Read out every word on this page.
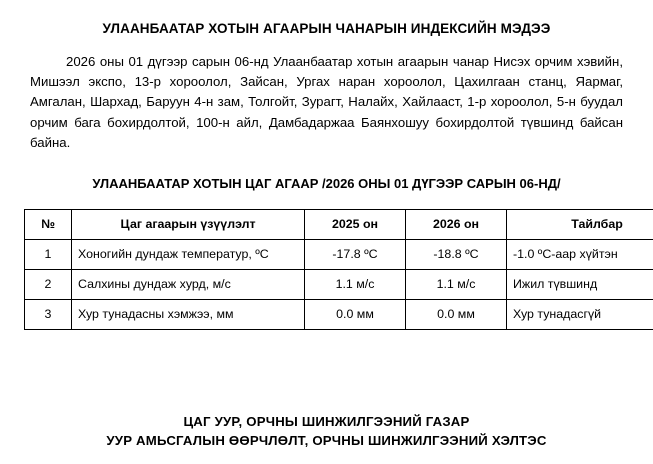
УЛААНБААТАР ХОТЫН АГААРЫН ЧАНАРЫН ИНДЕКСИЙН МЭДЭЭ
2026 оны 01 дүгээр сарын 06-нд Улаанбаатар хотын агаарын чанар Нисэх орчим хэвийн, Мишээл экспо, 13-р хороолол, Зайсан, Ургах наран хороолол, Цахилгаан станц, Яармаг, Амгалан, Шархад, Баруун 4-н зам, Толгойт, Зурагт, Налайх, Хайлааст, 1-р хороолол, 5-н буудал орчим бага бохирдолтой, 100-н айл, Дамбадаржаа Баянхошуу бохирдолтой түвшинд байсан байна.
УЛААНБААТАР ХОТЫН ЦАГ АГААР /2026 ОНЫ 01 ДҮГЭЭР САРЫН 06-НД/
№	Цаг агаарын үзүүлэлт	2025 он	2026 он	Тайлбар
1	Хоногийн дундаж температур, ºC	-17.8 ºC	-18.8 ºC	-1.0 ºC-аар хүйтэн
2	Салхины дундаж хурд, м/с	1.1 м/с	1.1 м/с	Ижил түвшинд
3	Хур тунадасны хэмжээ, мм	0.0 мм	0.0 мм	Хур тунадасгүй
ЦАГ УУР, ОРЧНЫ ШИНЖИЛГЭЭНИЙ ГАЗАР
УУР АМЬСГАЛЫН ӨӨРЧЛӨЛТ, ОРЧНЫ ШИНЖИЛГЭЭНИЙ ХЭЛТЭС
